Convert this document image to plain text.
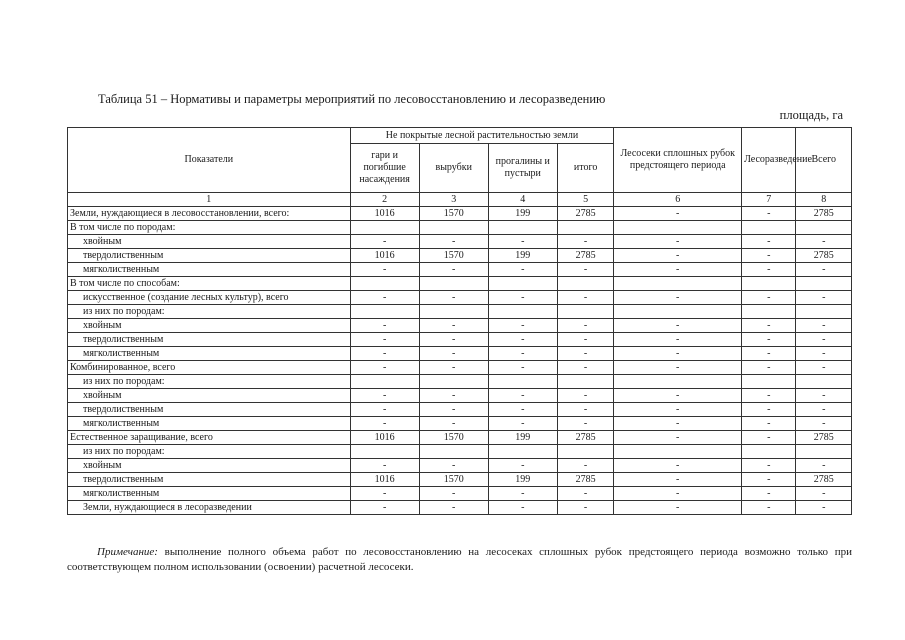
Таблица 51 – Нормативы и параметры мероприятий по лесовосстановлению и лесоразведению
площадь, га
Показатели	Не покрытые лесной растительностью земли				Лесосеки сплошных рубок предстоящего периода	Лесоразведение	Всего
	гари и погибшие насаждения	вырубки	прогалины и пустыри	итого			
1	2	3	4	5	6	7	8
Земли, нуждающиеся в лесовосстановлении, всего:	1016	1570	199	2785	-	-	2785
В том числе по породам:							
хвойным	-	-	-	-	-	-	-
твердолиственным	1016	1570	199	2785	-	-	2785
мягколиственным	-	-	-	-	-	-	-
В том числе по способам:							
искусственное (создание лесных культур), всего	-	-	-	-	-	-	-
из них по породам:							
хвойным	-	-	-	-	-	-	-
твердолиственным	-	-	-	-	-	-	-
мягколиственным	-	-	-	-	-	-	-
Комбинированное, всего	-	-	-	-	-	-	-
из них по породам:							
хвойным	-	-	-	-	-	-	-
твердолиственным	-	-	-	-	-	-	-
мягколиственным	-	-	-	-	-	-	-
Естественное заращивание, всего	1016	1570	199	2785	-	-	2785
из них по породам:							
хвойным	-	-	-	-	-	-	-
твердолиственным	1016	1570	199	2785	-	-	2785
мягколиственным	-	-	-	-	-	-	-
Земли, нуждающиеся в лесоразведении	-	-	-	-	-	-	-
Примечание: выполнение полного объема работ по лесовосстановлению на лесосеках сплошных рубок предстоящего периода возможно только при соответствующем полном использовании (освоении) расчетной лесосеки.
